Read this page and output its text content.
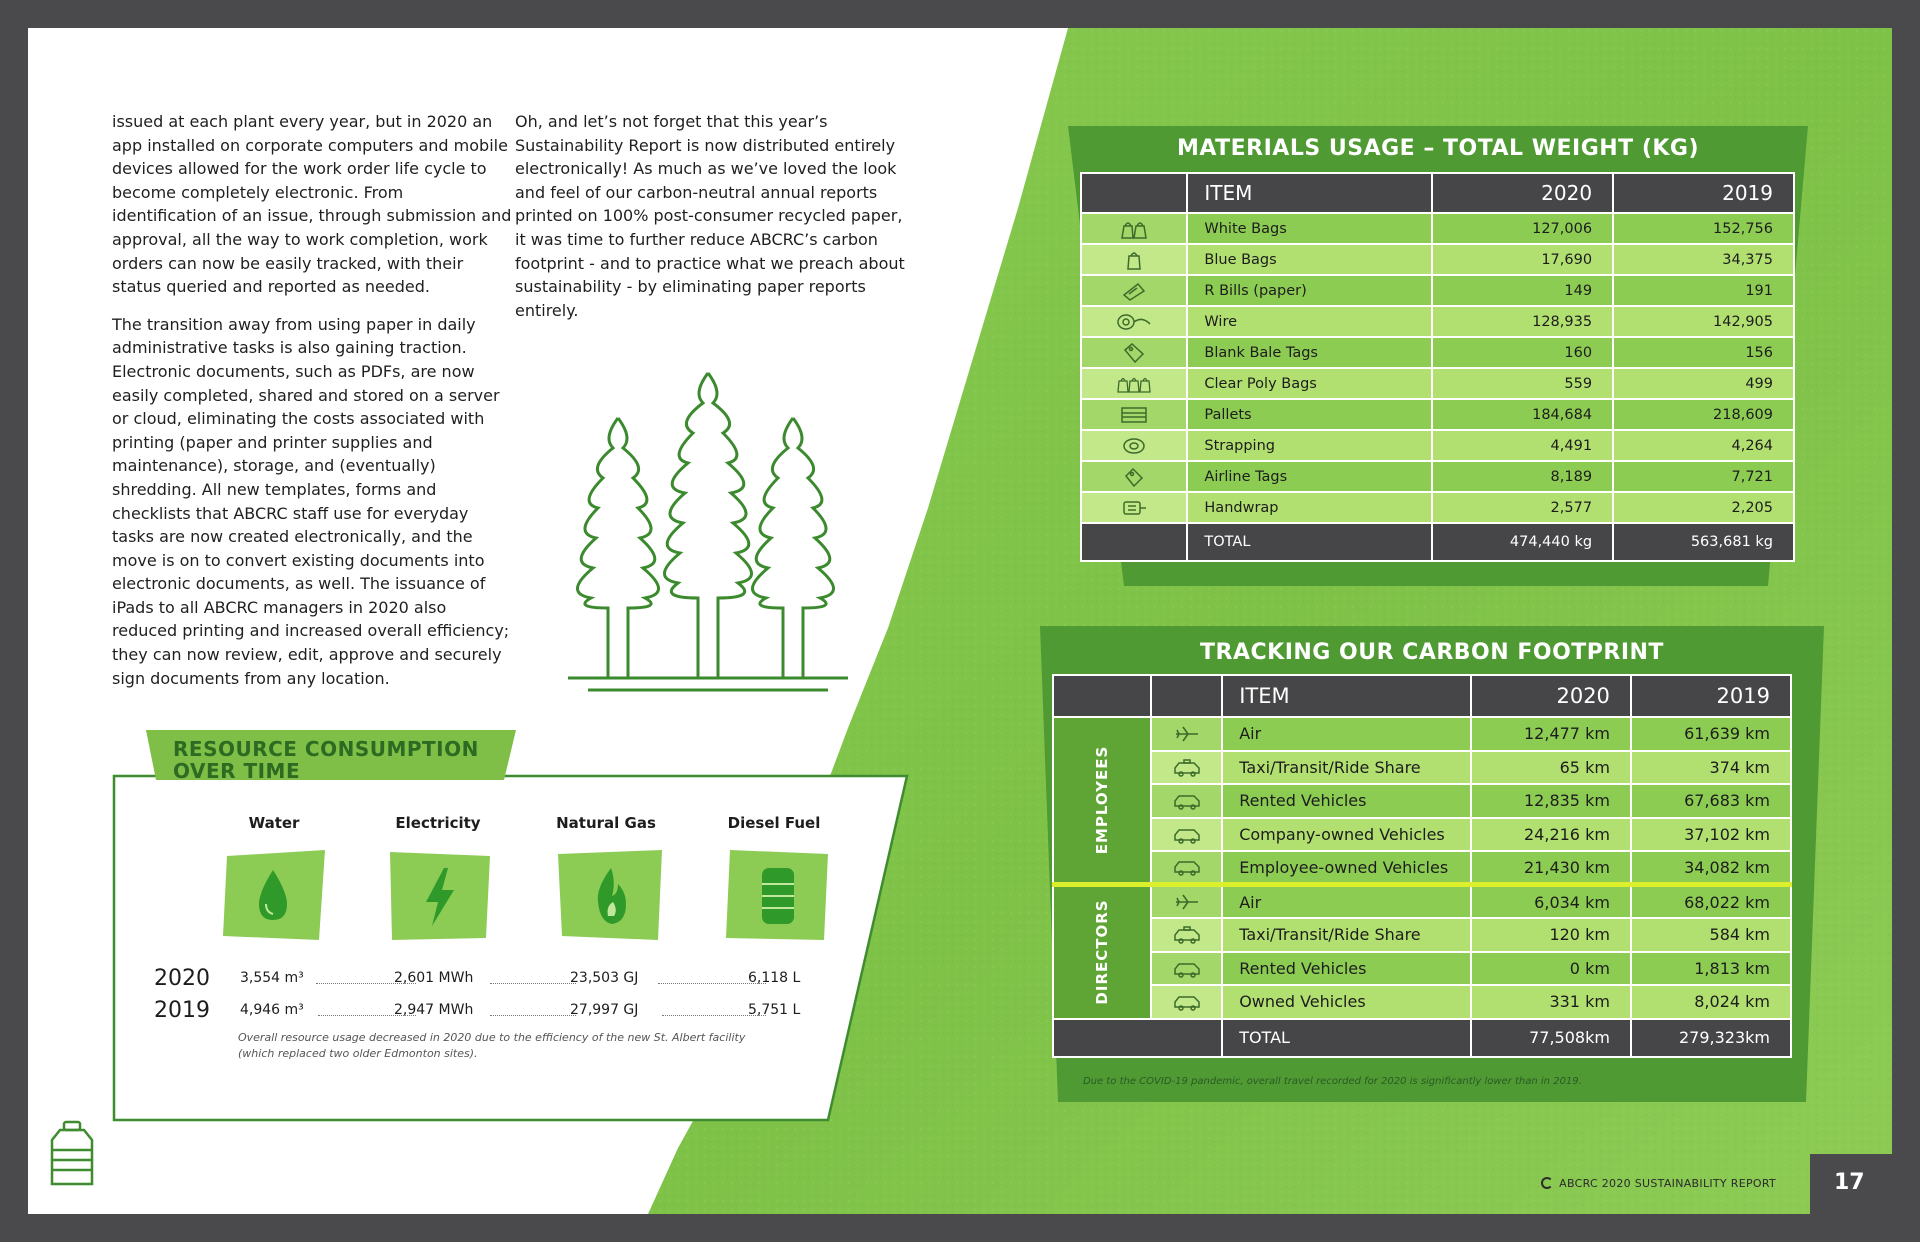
issued at each plant every year, but in 2020 an app installed on corporate computers and mobile devices allowed for the work order life cycle to become completely electronic. From identification of an issue, through submission and approval, all the way to work completion, work orders can now be easily tracked, with their status queried and reported as needed.

The transition away from using paper in daily administrative tasks is also gaining traction. Electronic documents, such as PDFs, are now easily completed, shared and stored on a server or cloud, eliminating the costs associated with printing (paper and printer supplies and maintenance), storage, and (eventually) shredding. All new templates, forms and checklists that ABCRC staff use for everyday tasks are now created electronically, and the move is on to convert existing documents into electronic documents, as well. The issuance of iPads to all ABCRC managers in 2020 also reduced printing and increased overall efficiency; they can now review, edit, approve and securely sign documents from any location.

Oh, and let’s not forget that this year’s Sustainability Report is now distributed entirely electronically! As much as we’ve loved the look and feel of our carbon-neutral annual reports printed on 100% post-consumer recycled paper, it was time to further reduce ABCRC’s carbon footprint - and to practice what we preach about sustainability - by eliminating paper reports entirely.

MATERIALS USAGE – TOTAL WEIGHT (KG)
	ITEM	2020	2019
	White Bags	127,006	152,756
	Blue Bags	17,690	34,375
	R Bills (paper)	149	191
	Wire	128,935	142,905
	Blank Bale Tags	160	156
	Clear Poly Bags	559	499
	Pallets	184,684	218,609
	Strapping	4,491	4,264
	Airline Tags	8,189	7,721
	Handwrap	2,577	2,205
	TOTAL	474,440 kg	563,681 kg
TRACKING OUR CARBON FOOTPRINT
		ITEM	2020	2019

EMPLOYEES		Air	12,477 km	61,639 km
	Taxi/Transit/Ride Share	65 km	374 km
	Rented Vehicles	12,835 km	67,683 km
	Company-owned Vehicles	24,216 km	37,102 km
	Employee-owned Vehicles	21,430 km	34,082 km

DIRECTORS		Air	6,034 km	68,022 km
	Taxi/Transit/Ride Share	120 km	584 km
	Rented Vehicles	0 km	1,813 km
	Owned Vehicles	331 km	8,024 km
		TOTAL	77,508km	279,323km
Due to the COVID-19 pandemic, overall travel recorded for 2020 is significantly lower than in 2019.
RESOURCE CONSUMPTION
OVER TIME
Water	Electricity	Natural Gas	Diesel Fuel
2020
2019
3,554 m³	2,601 MWh	23,503 GJ	6,118 L
4,946 m³	2,947 MWh	27,997 GJ	5,751 L
Overall resource usage decreased in 2020 due to the efficiency of the new St. Albert facility
(which replaced two older Edmonton sites).
ABCRC 2020 SUSTAINABILITY REPORT	17
